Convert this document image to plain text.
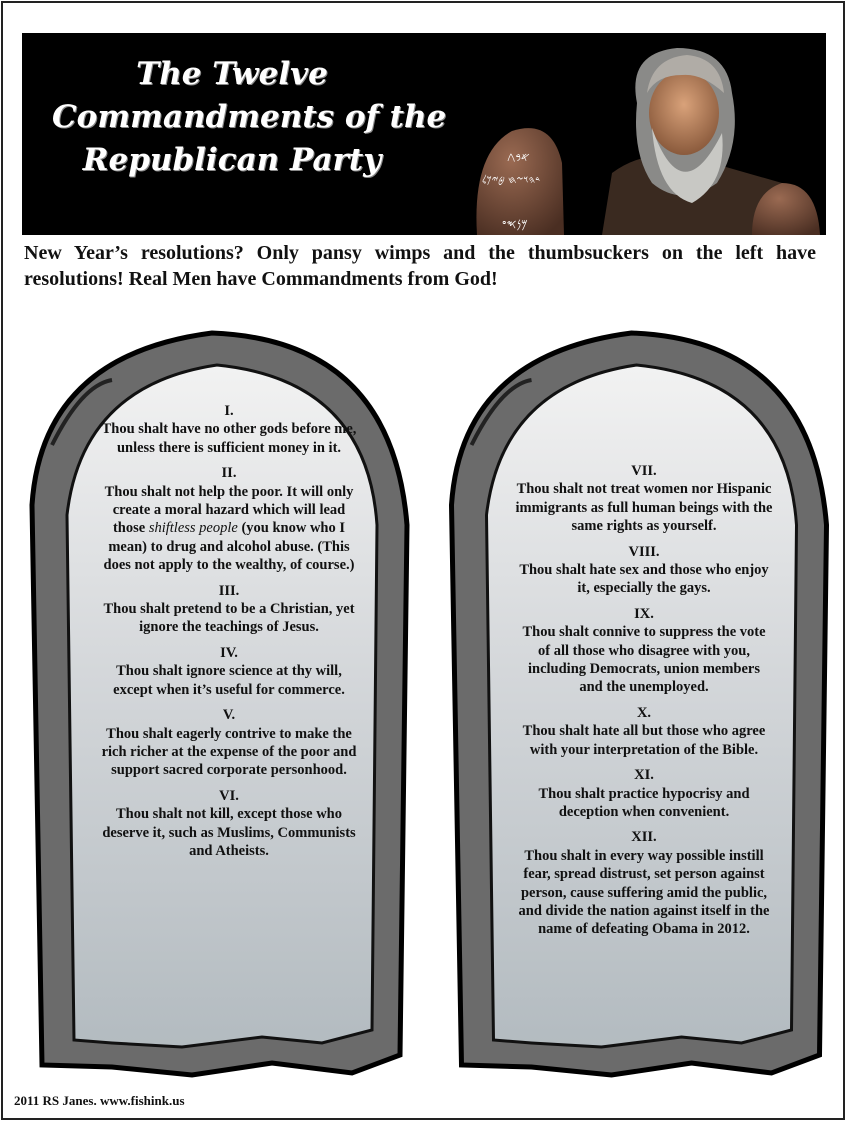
The Twelve
Commandments of the
Republican Party	𐤀𐤁𐤂
𐤃𐤄𐤅𐤆𐤇 𐤈𐤉𐤊𐤋
𐤌𐤍𐤎𐤏
New Year’s resolutions? Only pansy wimps and the thumbsuckers on the left have resolutions! Real Men have Commandments from God!
I.
Thou shalt have no other gods before me, unless there is sufficient money in it.
II.
Thou shalt not help the poor. It will only create a moral hazard which will lead those shiftless people (you know who I mean) to drug and alcohol abuse. (This does not apply to the wealthy, of course.)
III.
Thou shalt pretend to be a Christian, yet ignore the teachings of Jesus.
IV.
Thou shalt ignore science at thy will, except when it’s useful for commerce.
V.
Thou shalt eagerly contrive to make the rich richer at the expense of the poor and support sacred corporate personhood.
VI.
Thou shalt not kill, except those who deserve it, such as Muslims, Communists and Atheists.
VII.
Thou shalt not treat women nor Hispanic immigrants as full human beings with the same rights as yourself.
VIII.
Thou shalt hate sex and those who enjoy it, especially the gays.
IX.
Thou shalt connive to suppress the vote of all those who disagree with you, including Democrats, union members and the unemployed.
X.
Thou shalt hate all but those who agree with your interpretation of the Bible.
XI.
Thou shalt practice hypocrisy and deception when convenient.
XII.
Thou shalt in every way possible instill fear, spread distrust, set person against person, cause suffering amid the public, and divide the nation against itself in the name of defeating Obama in 2012.
2011 RS Janes. www.fishink.us
